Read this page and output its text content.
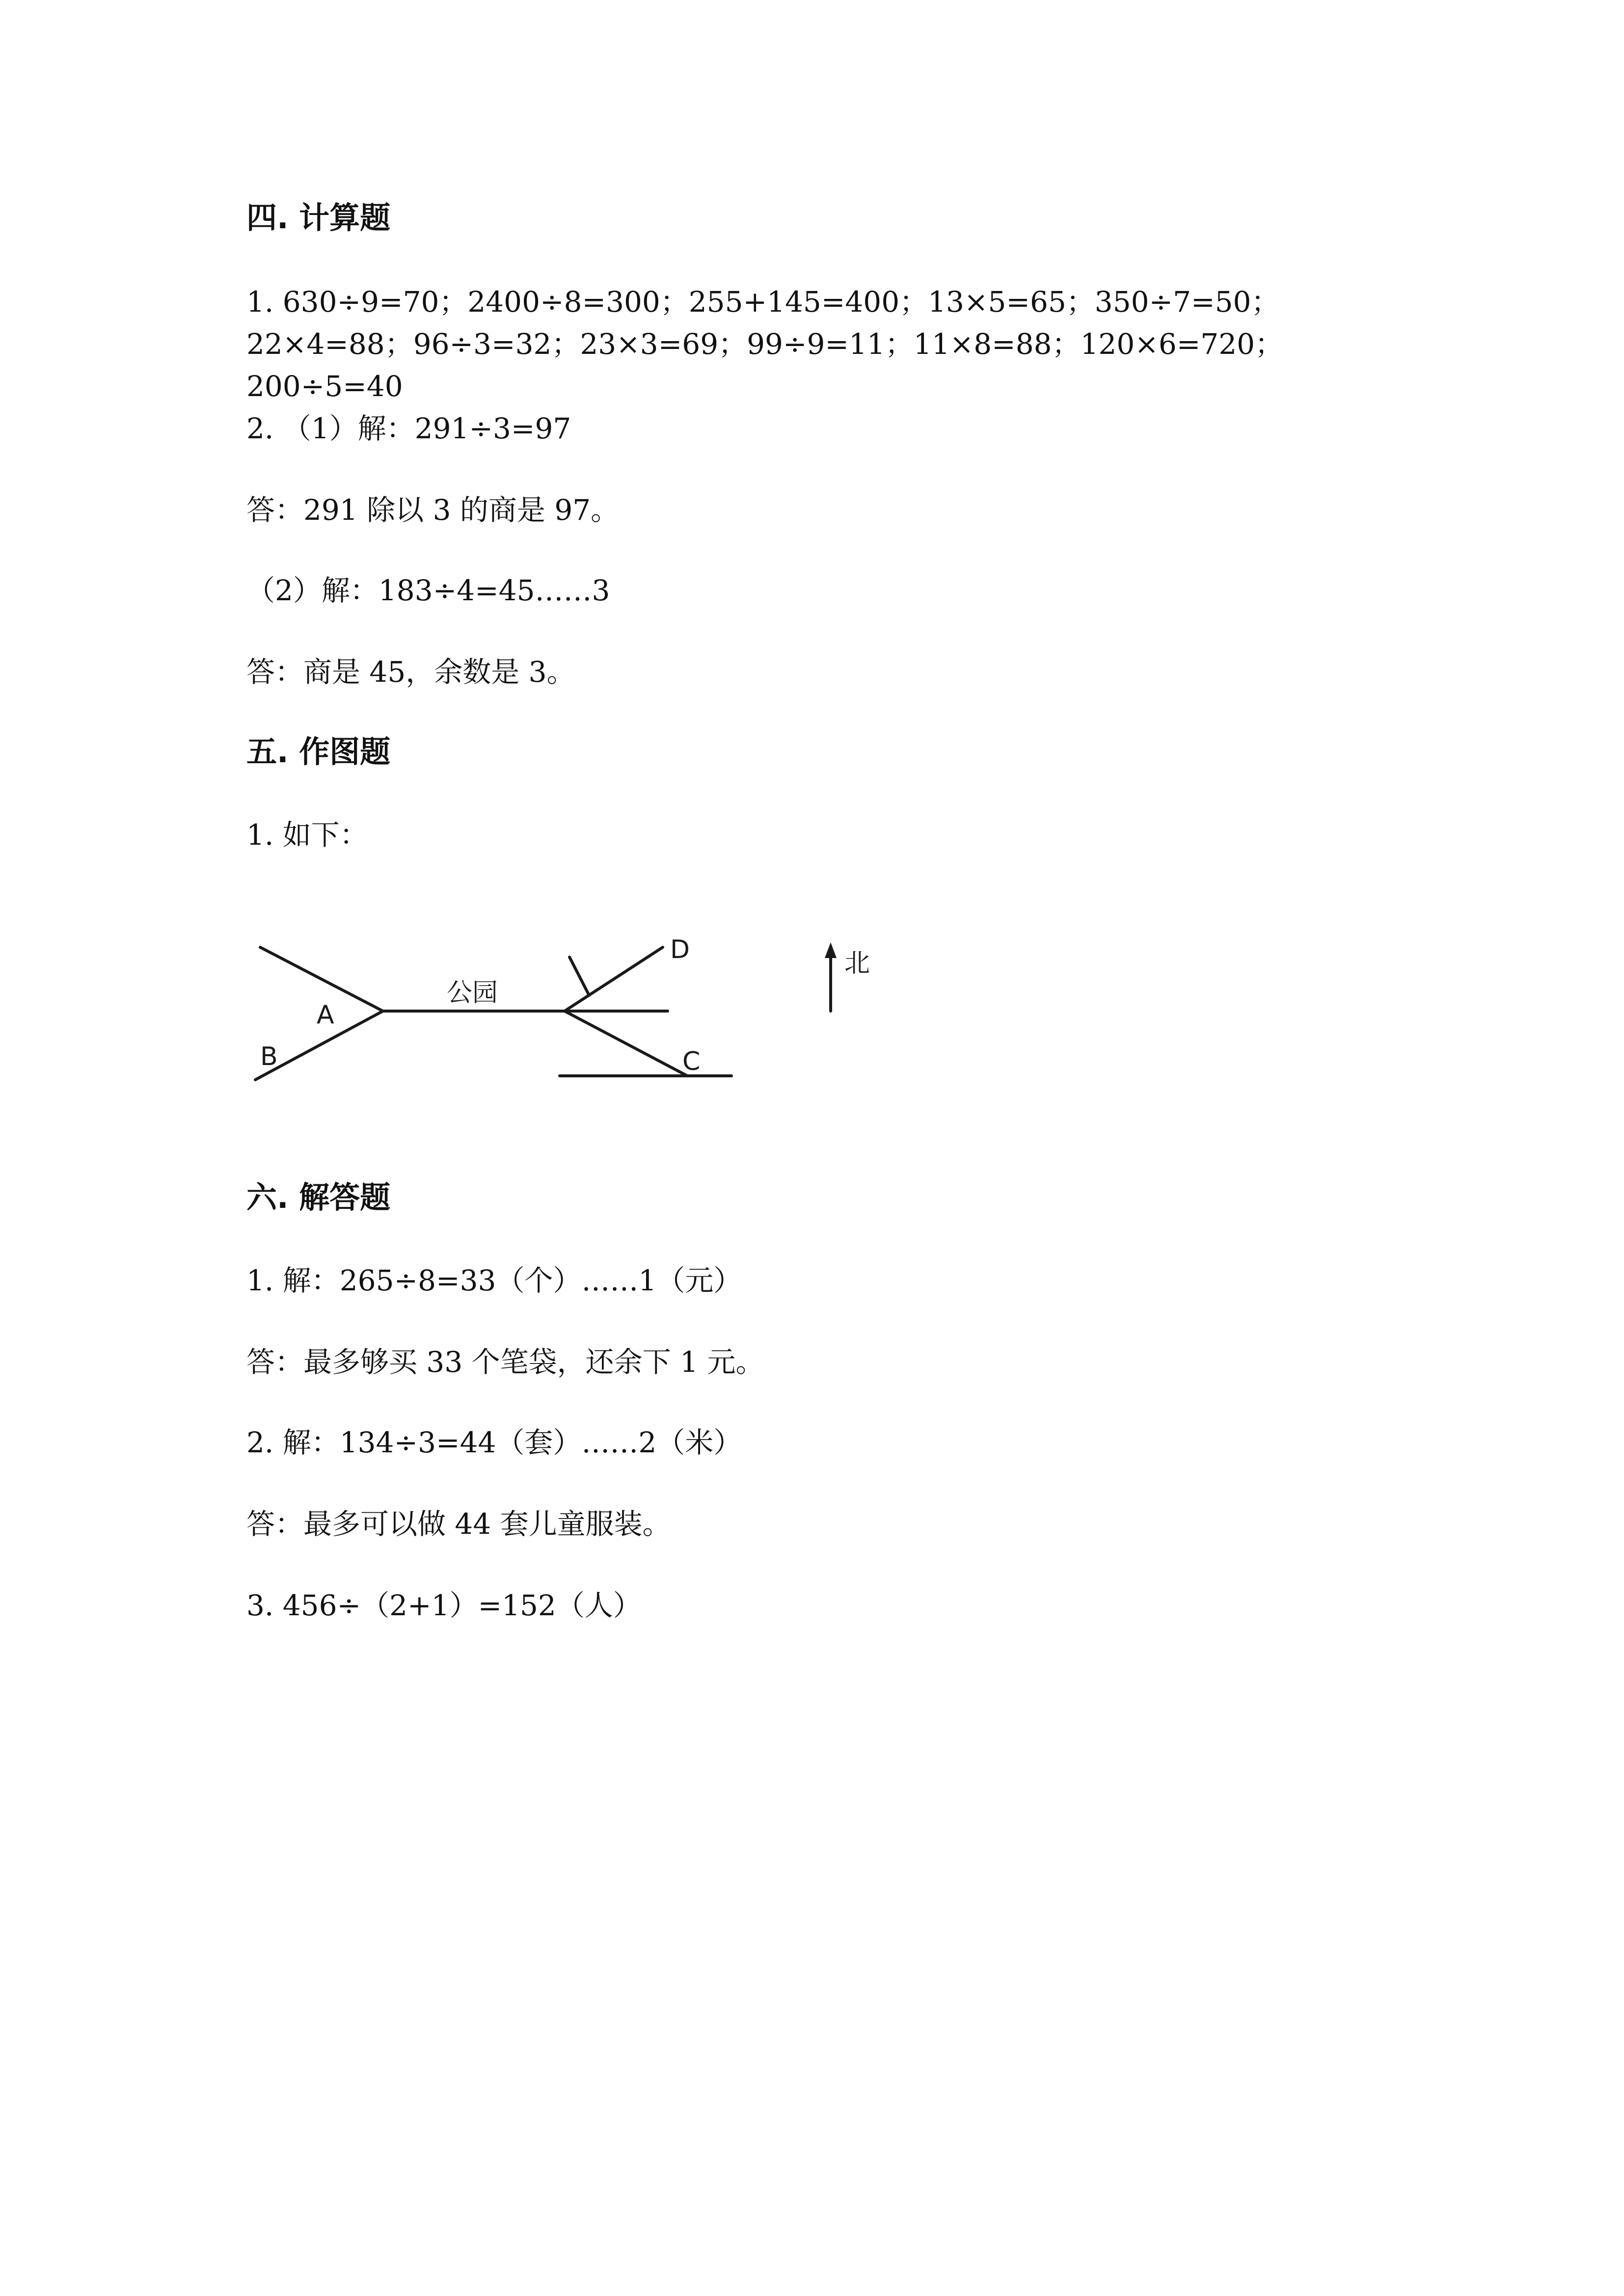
四. 计算题
1. 630÷9=70；2400÷8=300；255+145=400；13×5=65；350÷7=50；
22×4=88；96÷3=32；23×3=69；99÷9=11；11×8=88；120×6=720；
200÷5=40
2. （1）解：291÷3=97
答：291 除以 3 的商是 97。
（2）解：183÷4=45……3
答：商是 45，余数是 3。
五. 作图题
1. 如下：
公园
A
B	C
D	北
六. 解答题
1. 解：265÷8=33（个）……1（元）
答：最多够买 33 个笔袋，还余下 1 元。
2. 解：134÷3=44（套）……2（米）
答：最多可以做 44 套儿童服装。
3. 456÷（2+1）=152（人）
